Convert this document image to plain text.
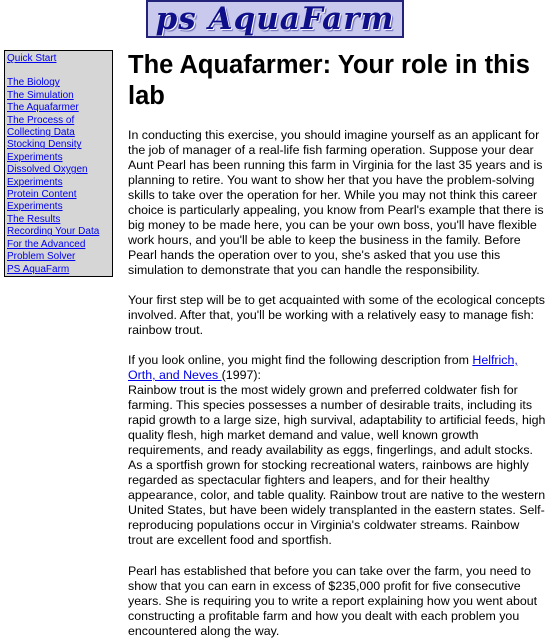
ps AquaFarm
Quick Start
The Biology
The Simulation
The Aquafarmer
The Process of
Collecting Data
Stocking Density
Experiments
Dissolved Oxygen
Experiments
Protein Content
Experiments
The Results
Recording Your Data
For the Advanced
Problem Solver
PS AquaFarm
The Aquafarmer: Your role in this lab

In conducting this exercise, you should imagine yourself as an applicant for the job of manager of a real-life fish farming operation. Suppose your dear Aunt Pearl has been running this farm in Virginia for the last 35 years and is planning to retire. You want to show her that you have the problem-solving skills to take over the operation for her. While you may not think this career choice is particularly appealing, you know from Pearl's example that there is big money to be made here, you can be your own boss, you'll have flexible work hours, and you'll be able to keep the business in the family. Before Pearl hands the operation over to you, she's asked that you use this simulation to demonstrate that you can handle the responsibility.

Your first step will be to get acquainted with some of the ecological concepts involved. After that, you'll be working with a relatively easy to manage fish: rainbow trout.

If you look online, you might find the following description from Helfrich, Orth, and Neves (1997):

Rainbow trout is the most widely grown and preferred coldwater fish for farming. This species possesses a number of desirable traits, including its rapid growth to a large size, high survival, adaptability to artificial feeds, high quality flesh, high market demand and value, well known growth requirements, and ready availability as eggs, fingerlings, and adult stocks. As a sportfish grown for stocking recreational waters, rainbows are highly regarded as spectacular fighters and leapers, and for their healthy appearance, color, and table quality. Rainbow trout are native to the western United States, but have been widely transplanted in the eastern states. Self-reproducing populations occur in Virginia's coldwater streams. Rainbow trout are excellent food and sportfish.

Pearl has established that before you can take over the farm, you need to show that you can earn in excess of $235,000 profit for five consecutive years. She is requiring you to write a report explaining how you went about constructing a profitable farm and how you dealt with each problem you encountered along the way.
